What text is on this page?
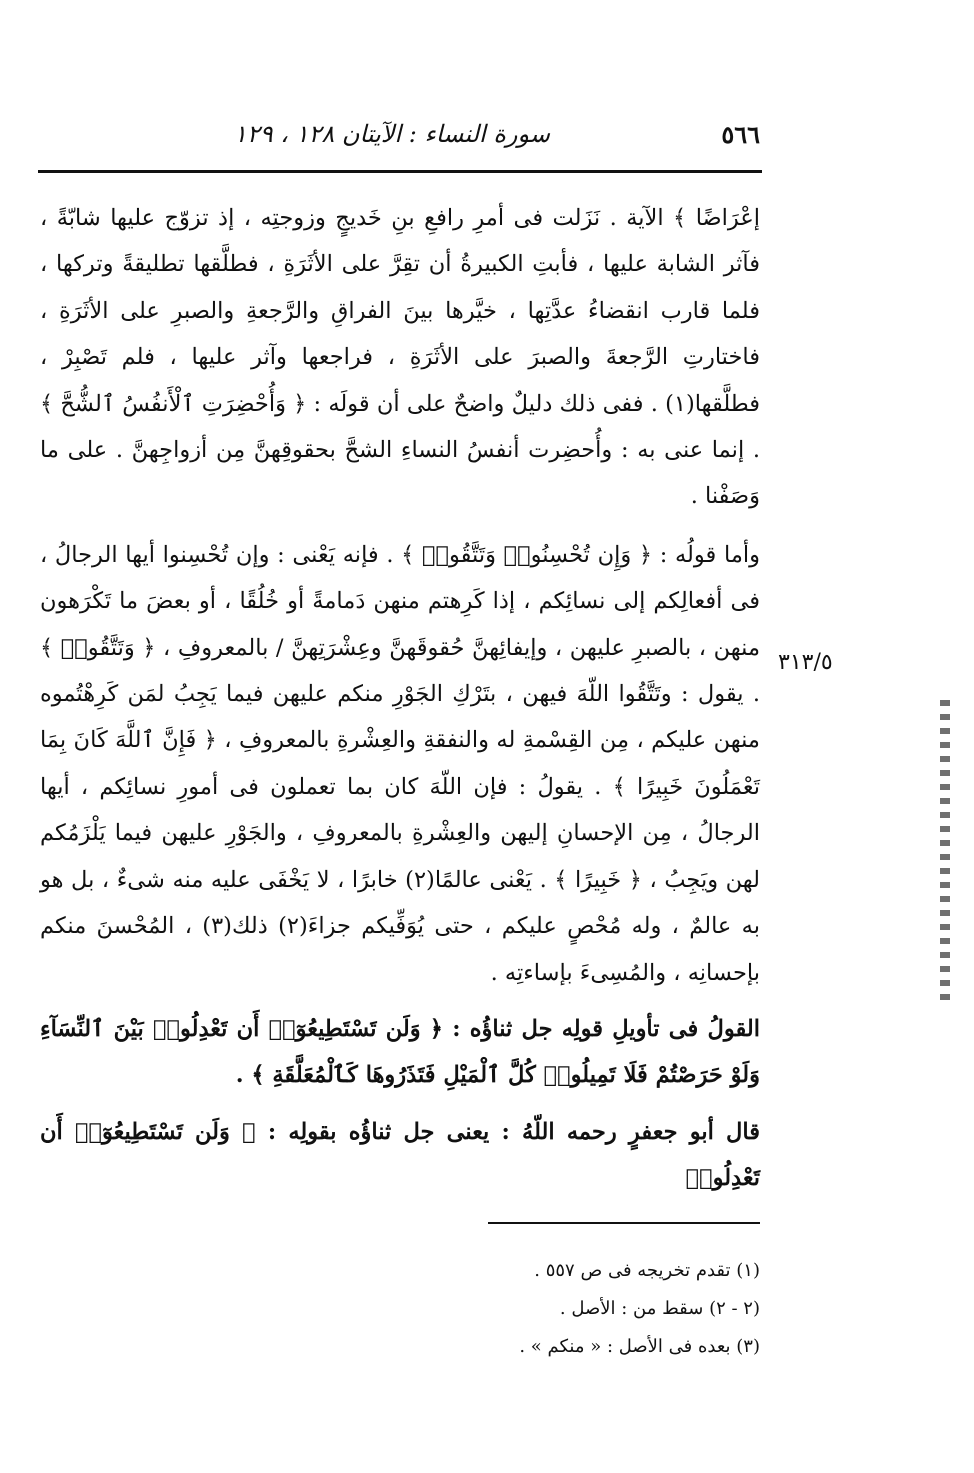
٥٦٦
سورة النساء : الآيتان ١٢٨ ، ١٢٩

إعْرَاضًا ﴾ الآية . نَزَلت فى أمرِ رافعِ بنِ خَديجٍ وزوجتِه ، إذ تزوّج عليها شابّةً ، فآثر الشابة عليها ، فأبتِ الكبيرةُ أن تقِرَّ على الأثَرَةِ ، فطلَّقها تطليقةً وتركها ، فلما قارب انقضاءُ عدَّتِها ، خيَّرها بينَ الفراقِ والرَّجعةِ والصبرِ على الأثَرَةِ ، فاختارتِ الرَّجعةَ والصبرَ على الأثَرَةِ ، فراجعها وآثر عليها ، فلم تَصْبِرْ ، فطلَّقها(١) . ففى ذلك دليلٌ واضحٌ على أن قولَه : ﴿ وَأُحْضِرَتِ ٱلْأَنفُسُ ٱلشُّحَّ ﴾ . إنما عنى به : وأُحضِرت أنفسُ النساءِ الشحَّ بحقوقِهنَّ مِن أزواجِهنَّ . على ما وَصَفْنا .

وأما قولُه : ﴿ وَإِن تُحْسِنُوا۟ وَتَتَّقُوا۟ ﴾ . فإنه يَعْنى : وإن تُحْسِنوا أيها الرجالُ ، فى أفعالِكم إلى نسائِكم ، إذا كَرِهتم منهن دَمامةً أو خُلُقًا ، أو بعضَ ما تَكْرَهون منهن ، بالصبرِ عليهن ، وإيفائِهنَّ حُقوقَهنَّ وعِشْرَتِهنَّ / بالمعروفِ ، ﴿ وَتَتَّقُوا۟ ﴾ . يقول : وتَتَّقُوا اللّهَ فيهن ، بتَرْكِ الجَوْرِ منكم عليهن فيما يَجِبُ لمَن كَرِهْتُموه منهن عليكم ، مِن القِسْمةِ له والنفقةِ والعِشْرةِ بالمعروفِ ، ﴿ فَإِنَّ ٱللَّهَ كَانَ بِمَا تَعْمَلُونَ خَبِيرًا ﴾ . يقولُ : فإن اللّهَ كان بما تعملون فى أمورِ نسائِكم ، أيها الرجالُ ، مِن الإحسانِ إليهن والعِشْرةِ بالمعروفِ ، والجَوْرِ عليهن فيما يَلْزَمُكم لهن ويَجِبُ ، ﴿ خَبِيرًا ﴾ . يَعْنى عالمًا(٢) خابرًا ، لا يَخْفَى عليه منه شىءٌ ، بل هو به عالمٌ ، وله مُحْصٍ عليكم ، حتى يُوَفِّيكم جزاءَ(٢) ذلك(٣) ، المُحْسنَ منكم بإحسانِه ، والمُسِىءَ بإساءتِه .

القولُ فى تأويلِ قولِه جل ثناؤُه : ﴿ وَلَن تَسْتَطِيعُوٓا۟ أَن تَعْدِلُوا۟ بَيْنَ ٱلنِّسَآءِ وَلَوْ حَرَصْتُمْ فَلَا تَمِيلُوا۟ كُلَّ ٱلْمَيْلِ فَتَذَرُوهَا كَٱلْمُعَلَّقَةِ ﴾ .

قال أبو جعفرٍ رحمه اللّهُ : يعنى جل ثناؤُه بقولِه : ﴿ وَلَن تَسْتَطِيعُوٓا۟ أَن تَعْدِلُوا۟

٣١٣/٥

(١) تقدم تخريجه فى ص ٥٥٧ .

(٢ - ٢) سقط من : الأصل .

(٣) بعده فى الأصل : « منكم » .
